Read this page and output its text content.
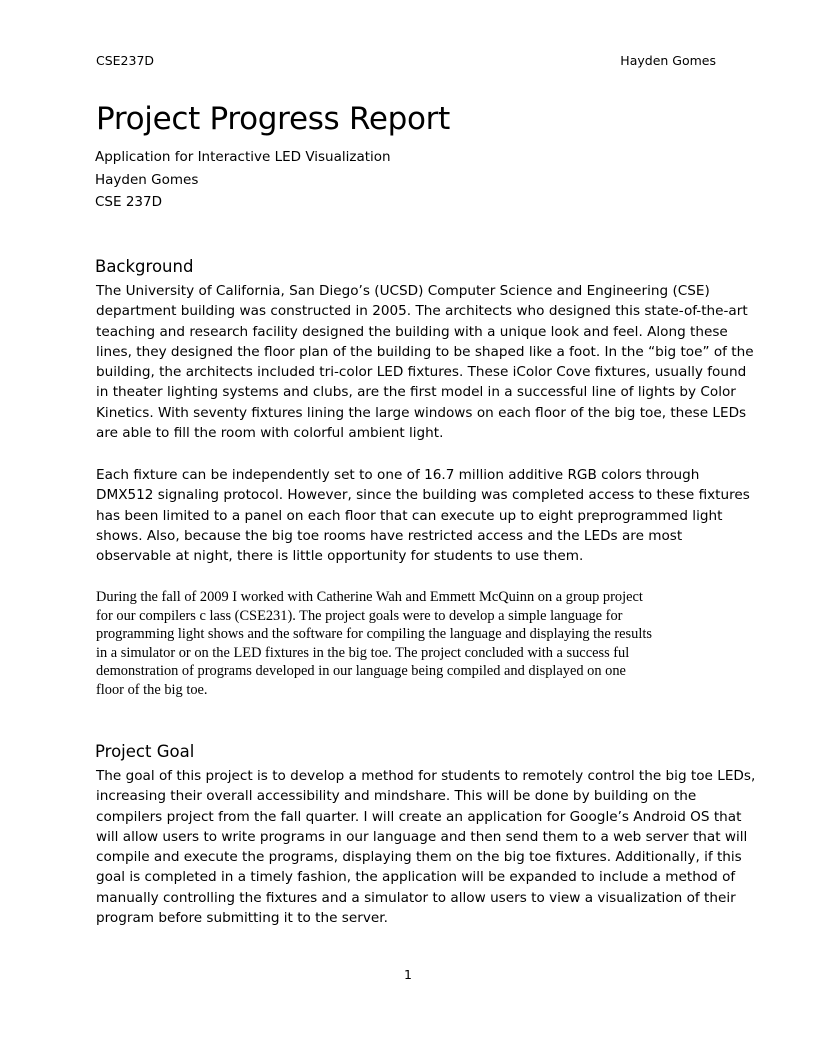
CSE237D	Hayden Gomes
Project Progress Report
Application for Interactive LED Visualization
Hayden Gomes
CSE 237D
Background
The University of California, San Diego’s (UCSD) Computer Science and Engineering (CSE)
department building was constructed in 2005. The architects who designed this state-of-the-art
teaching and research facility designed the building with a unique look and feel. Along these
lines, they designed the floor plan of the building to be shaped like a foot. In the “big toe” of the
building, the architects included tri-color LED fixtures. These iColor Cove fixtures, usually found
in theater lighting systems and clubs, are the first model in a successful line of lights by Color
Kinetics. With seventy fixtures lining the large windows on each floor of the big toe, these LEDs
are able to fill the room with colorful ambient light.
Each fixture can be independently set to one of 16.7 million additive RGB colors through
DMX512 signaling protocol. However, since the building was completed access to these fixtures
has been limited to a panel on each floor that can execute up to eight preprogrammed light
shows. Also, because the big toe rooms have restricted access and the LEDs are most
observable at night, there is little opportunity for students to use them.
During the fall of 2009 I worked with Catherine Wah and Emmett McQuinn on a group project
for our compilers c lass (CSE231). The project goals were to develop a simple language for
programming light shows and the software for compiling the language and displaying the results
in a simulator or on the LED fixtures in the big toe. The project concluded with a success ful
demonstration of programs developed in our language being compiled and displayed on one
floor of the big toe.
Project Goal
The goal of this project is to develop a method for students to remotely control the big toe LEDs,
increasing their overall accessibility and mindshare. This will be done by building on the
compilers project from the fall quarter. I will create an application for Google’s Android OS that
will allow users to write programs in our language and then send them to a web server that will
compile and execute the programs, displaying them on the big toe fixtures. Additionally, if this
goal is completed in a timely fashion, the application will be expanded to include a method of
manually controlling the fixtures and a simulator to allow users to view a visualization of their
program before submitting it to the server.
1
